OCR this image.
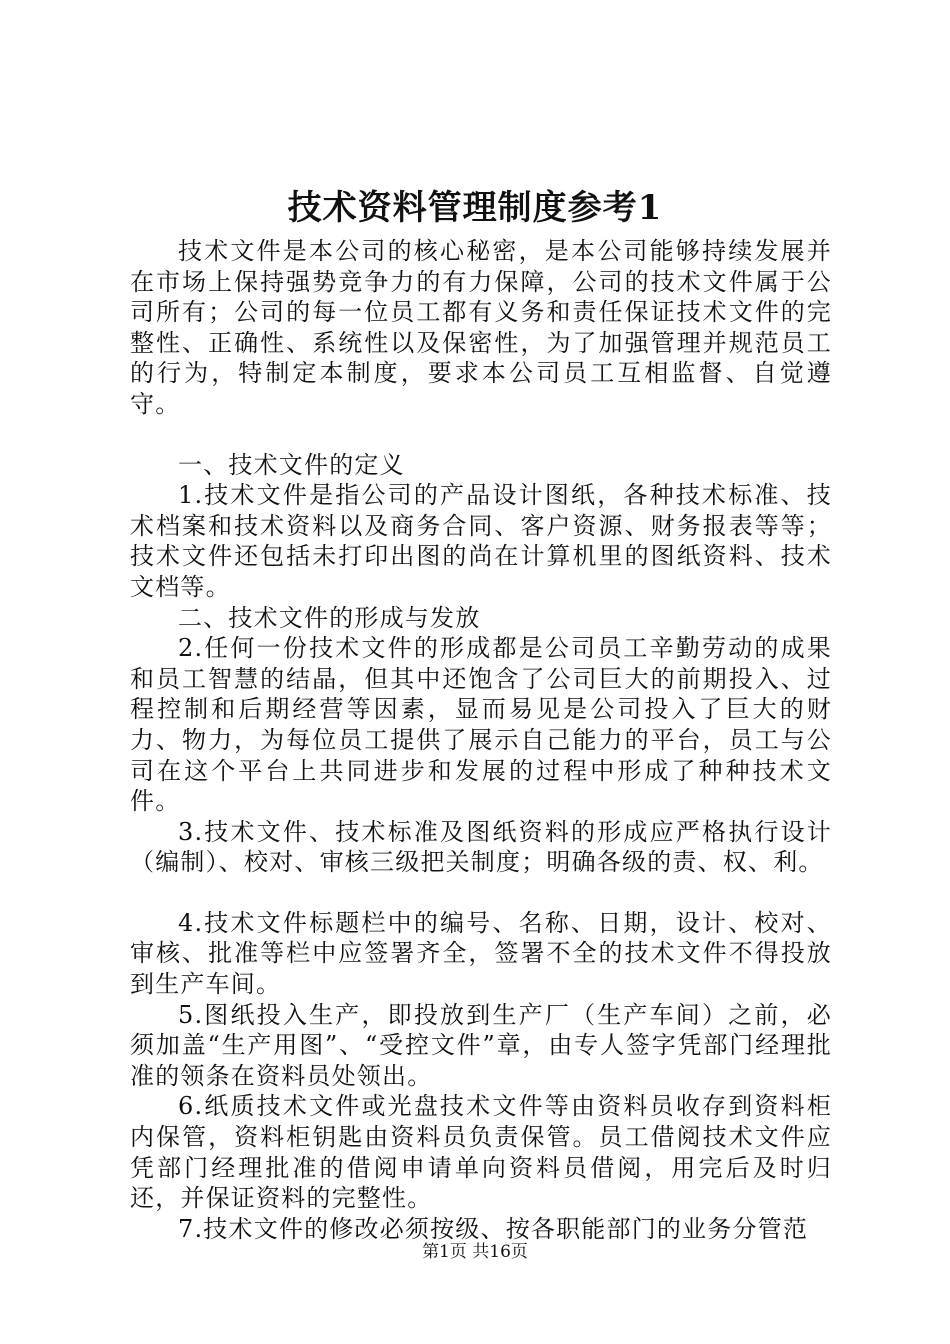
技术资料管理制度参考1

技术文件是本公司的核心秘密，是本公司能够持续发展并在市场上保持强势竞争力的有力保障，公司的技术文件属于公司所有；公司的每一位员工都有义务和责任保证技术文件的完整性、正确性、系统性以及保密性，为了加强管理并规范员工的行为，特制定本制度，要求本公司员工互相监督、自觉遵守。

一、技术文件的定义

1.技术文件是指公司的产品设计图纸，各种技术标准、技术档案和技术资料以及商务合同、客户资源、财务报表等等；技术文件还包括未打印出图的尚在计算机里的图纸资料、技术文档等。

二、技术文件的形成与发放

2.任何一份技术文件的形成都是公司员工辛勤劳动的成果和员工智慧的结晶，但其中还饱含了公司巨大的前期投入、过程控制和后期经营等因素，显而易见是公司投入了巨大的财力、物力，为每位员工提供了展示自己能力的平台，员工与公司在这个平台上共同进步和发展的过程中形成了种种技术文件。

3.技术文件、技术标准及图纸资料的形成应严格执行设计（编制）、校对、审核三级把关制度；明确各级的责、权、利。

4.技术文件标题栏中的编号、名称、日期，设计、校对、审核、批准等栏中应签署齐全，签署不全的技术文件不得投放到生产车间。

5.图纸投入生产，即投放到生产厂（生产车间）之前，必须加盖“生产用图”、“受控文件”章，由专人签字凭部门经理批准的领条在资料员处领出。

6.纸质技术文件或光盘技术文件等由资料员收存到资料柜内保管，资料柜钥匙由资料员负责保管。员工借阅技术文件应凭部门经理批准的借阅申请单向资料员借阅，用完后及时归还，并保证资料的完整性。

7.技术文件的修改必须按级、按各职能部门的业务分管范

第1页 共16页
